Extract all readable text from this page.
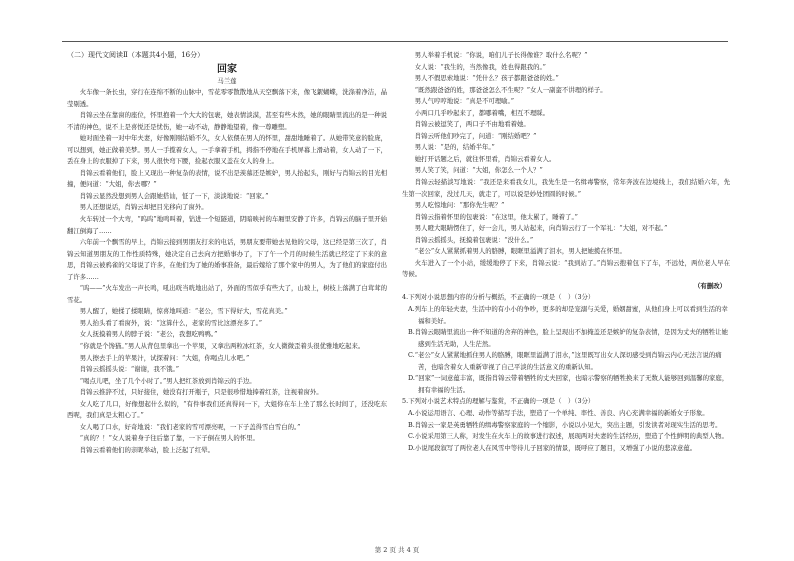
（二）现代文阅读Ⅱ（本题共4小题，16分）

回家

马兰莲

火车像一条长虫，穿行在连绵不断的山脉中，雪花零零散散地从天空飘落下来，像飞絮蝴蝶，洗涤着净洁，晶莹剔透。

肖锦云坐在靠窗的座位，怀里抱着一个大大的包裹，她表情淡漠，甚至有些木然，她的眼睛里流出的是一种说不清的神色，说不上是喜悦还是忧伤，她一动不动，静静地望着，像一尊雕塑。

她对面坐着一对中年夫妻，好像刚刚结婚不久，女人依偎在男人的怀里，甜甜地睡着了。从她带笑意的脸庞，可以想到，她正做着美梦。男人一手揽着女人，一手拿着手机，拇指不停地在手机屏幕上滑动着，女人动了一下，丢在身上的衣服掉了下来，男人很快弯下腰，捡起衣服又盖在女人的身上。

肖锦云看着他们，脸上又现出一种复杂的表情，说不出是羡慕还是嫉妒，男人抬起头，刚好与肖锦云的目光相撞，便问道：“大姐，你去哪？”

肖锦云显然没想到男人会跟她搭讪，怔了一下，淡淡地说：“回家。”

男人还想说话，肖锦云却把目光移向了窗外。

火车转过一个大弯，“呜呜”地鸣叫着，钻进一个短隧道，阴暗映衬的车厢里安静了许多，肖锦云的脑子里开始翻江倒海了……

六年前一个飘雪的早上，肖锦云接到男朋友打来的电话，男朋友要带她去见他的父母，这已经是第三次了，肖锦云知道男朋友的工作性质特殊，她决定自己去向方把婚事办了，下了午一个月的时候生活就已经定了下来的意思，肖锦云被鸦雀的父母说了许多，在他们为了她的婚事准备，最后嫁给了那个家中的男人，为了他们的家庭付出了许多……

“呜——”火车发出一声长鸣，吼出咣当咣地出站了，外面的雪似乎有些大了，山坡上，树枝上落满了白茸茸的雪花。

男人醒了，她揉了揉眼睛，惊喜地叫道：“老公，雪下得好大，雪花真美。”

男人抬头看了看窗外，说：“这算什么，老家的雪比这漂亮多了。”

女人抚摸着男人的脖子说：“老公，我想吃鸭鸭。”

“你就是个馋猫。”男人从背包里拿出一个苹果，又拿出两粒冰红茶，女人微微歪着头很优雅地吃起来。

男人擦去手上的苹果汁，试探着问：“大姐，你喝点儿水吧。”

肖锦云摇摇头说：“谢谢，我不饿。”

“喝点儿吧，坐了几个小时了。”男人把红茶放到肖锦云的手边。

肖锦云推辞不过，只好接住，她没有打开瓶子，只是很珍惜地捧着红茶，注视着窗外。

女人吃了几口，好像想起什么似的，“有件事我们还真得问一下，大姐你在车上坐了那么长时间了，还没吃东西呢，我们真是太粗心了。”

女人喝了口水，好奇地说：“我们老家的雪可漂亮呢，一下子盖得雪白雪白的。”

“真的？！”女人说着身子往后靠了靠，一下子倒在男人的怀里。

肖锦云看着他们的亲昵举动，脸上泛起了红晕。

男人举着手机说：“你说，咱们儿子长得像谁？取什么名呢？”

女人说：“我生的，当然像我，姓也得跟我的。”

男人不假思索地说：“凭什么？孩子都跟爸爸的姓。”

“既然跟爸爸的姓，那爸爸怎么不生呢？”女人一副蛮不讲理的样子。

男人气哼哼地说：“真是不可理喻。”

小两口几乎吵起来了，都哪着嘴，相互不理睬。

肖锦云被逗笑了，两口子不由地看着她。

肖锦云听他们吵完了，问道：“刚结婚吧？”

男人说：“是的，结婚半年。”

她打开话题之后，就往怀里看，肖锦云看着女人。

男人笑了笑，问道：“大姐，你怎么一个人？”

肖锦云轻描淡写地说：“我还是来看我女儿，我先生是一名缉毒警察，常年奔波在边境线上，我们结婚六年，先生第一次回家，没过几天，就走了，可以说是妙处团圆的时候。”

男人吃惊地问：“那你先生呢？”

肖锦云指着怀里的包裹说：“在这里，他太累了，睡着了。”

男人瞪大眼睛愣住了，好一会儿，男人站起来，向肖锦云行了一个军礼：“大姐，对不起。”

肖锦云摇摇头，抚摸着包裹说：“没什么。”

“老公”女人紧紧抓着男人的胳膊，眼眶里溢满了泪水，男人把她揽在怀里。

火车进入了一个小站，缓缓地停了下来，肖锦云说：“我到站了。”肖锦云抱着包下了车，不远处，两位老人早在等候。

（有删改）

4.下列对小说思想内容的分析与概括，不正确的一项是（　）（3分）

A.列车上的年轻夫妻，生活中的有小小的争吵，更多的却是宠溺与关爱，婚姻甜蜜，从他们身上可以看到生活的幸福和美好。

B.肖锦云眼睛里流出一种不知道的舍弃的神色，脸上呈现出不加掩盖还是嫉妒的复杂表情，是因为丈夫的牺牲让她感到生活无助，人生茫然。

C.“老公”女人紧紧地抓住男人的胳膊，眼眶里溢满了泪水，”这里既写出女人深切感受到肖锦云内心无法言说的痛苦，也暗含着女人重新审视了自己平淡的生活意义的重新认知。

D.“回家”一词意蕴丰富，既指肖锦云带着牺牲的丈夫回家，也暗示警察的牺牲换来了无数人能够回到温馨的家庭，拥有幸福的生活。

5.下列对小说艺术特点的理解与鉴赏，不正确的一项是（　）（3分）

A.小说运用语言、心理、动作等描写手法，塑造了一个单纯、率性、善良、内心充满幸福的新婚女子形象。

B.肖锦云一家是英勇牺牲的缉毒警察家庭的一个缩影，小说以小见大，突出主题，引发读者对现实生活的思考。

C.小说采用第三人称，对发生在火车上的故事进行叙述，展现两对夫妻的生活经历，塑造了个性鲜明的典型人物。

D.小说尾段叙写了两位老人在风雪中等待儿子回家的情景，既呼应了题目，又增强了小说的悲凉意蕴。

第 2 页 共 4 页
